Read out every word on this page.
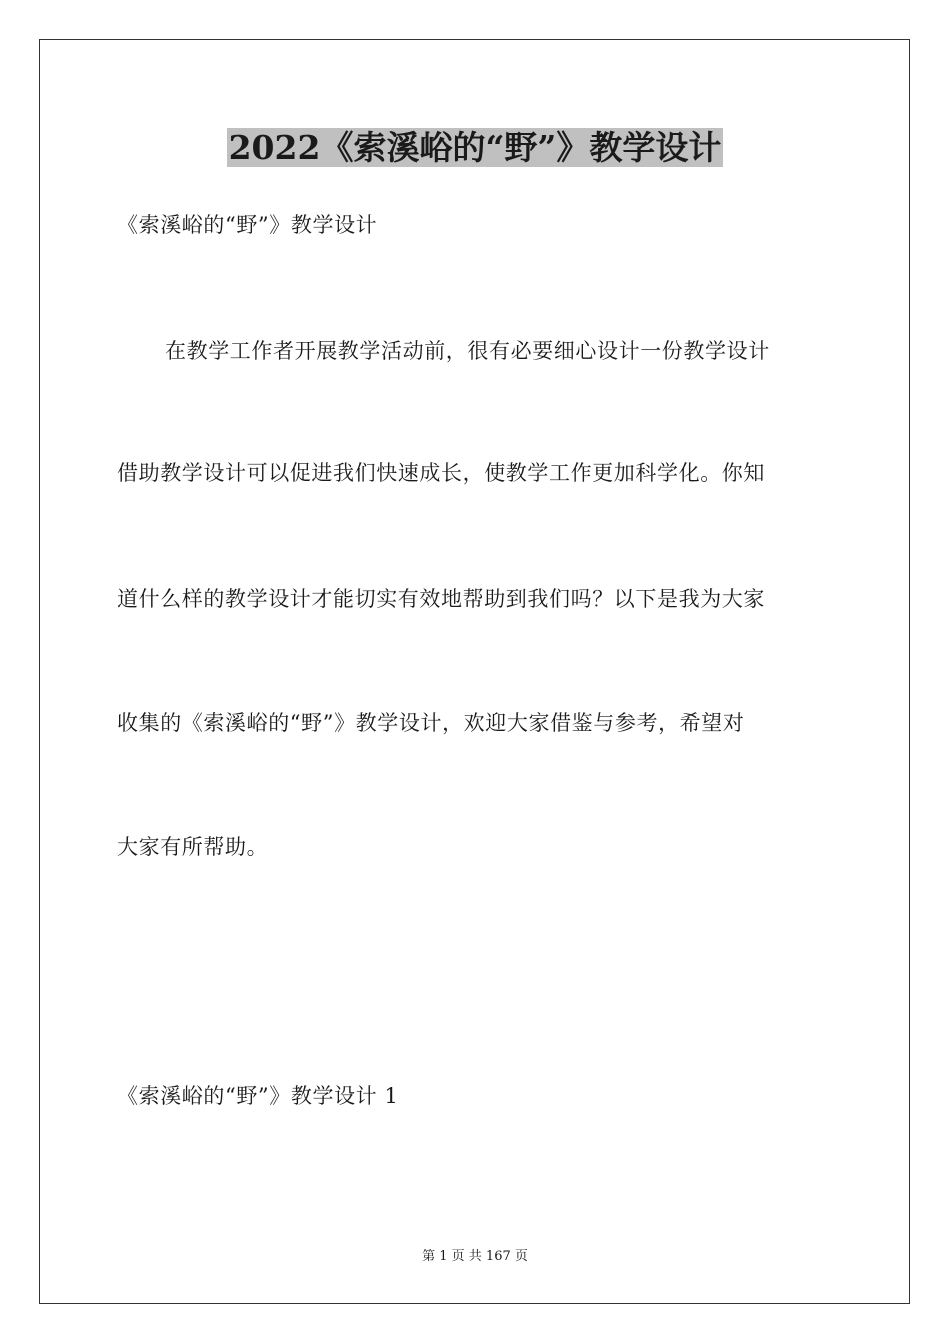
2022《索溪峪的“野”》教学设计
《索溪峪的“野”》教学设计
在教学工作者开展教学活动前，很有必要细心设计一份教学设计
借助教学设计可以促进我们快速成长，使教学工作更加科学化。你知
道什么样的教学设计才能切实有效地帮助到我们吗？以下是我为大家
收集的《索溪峪的“野”》教学设计，欢迎大家借鉴与参考，希望对
大家有所帮助。
《索溪峪的“野”》教学设计 1
第 1 页 共 167 页
